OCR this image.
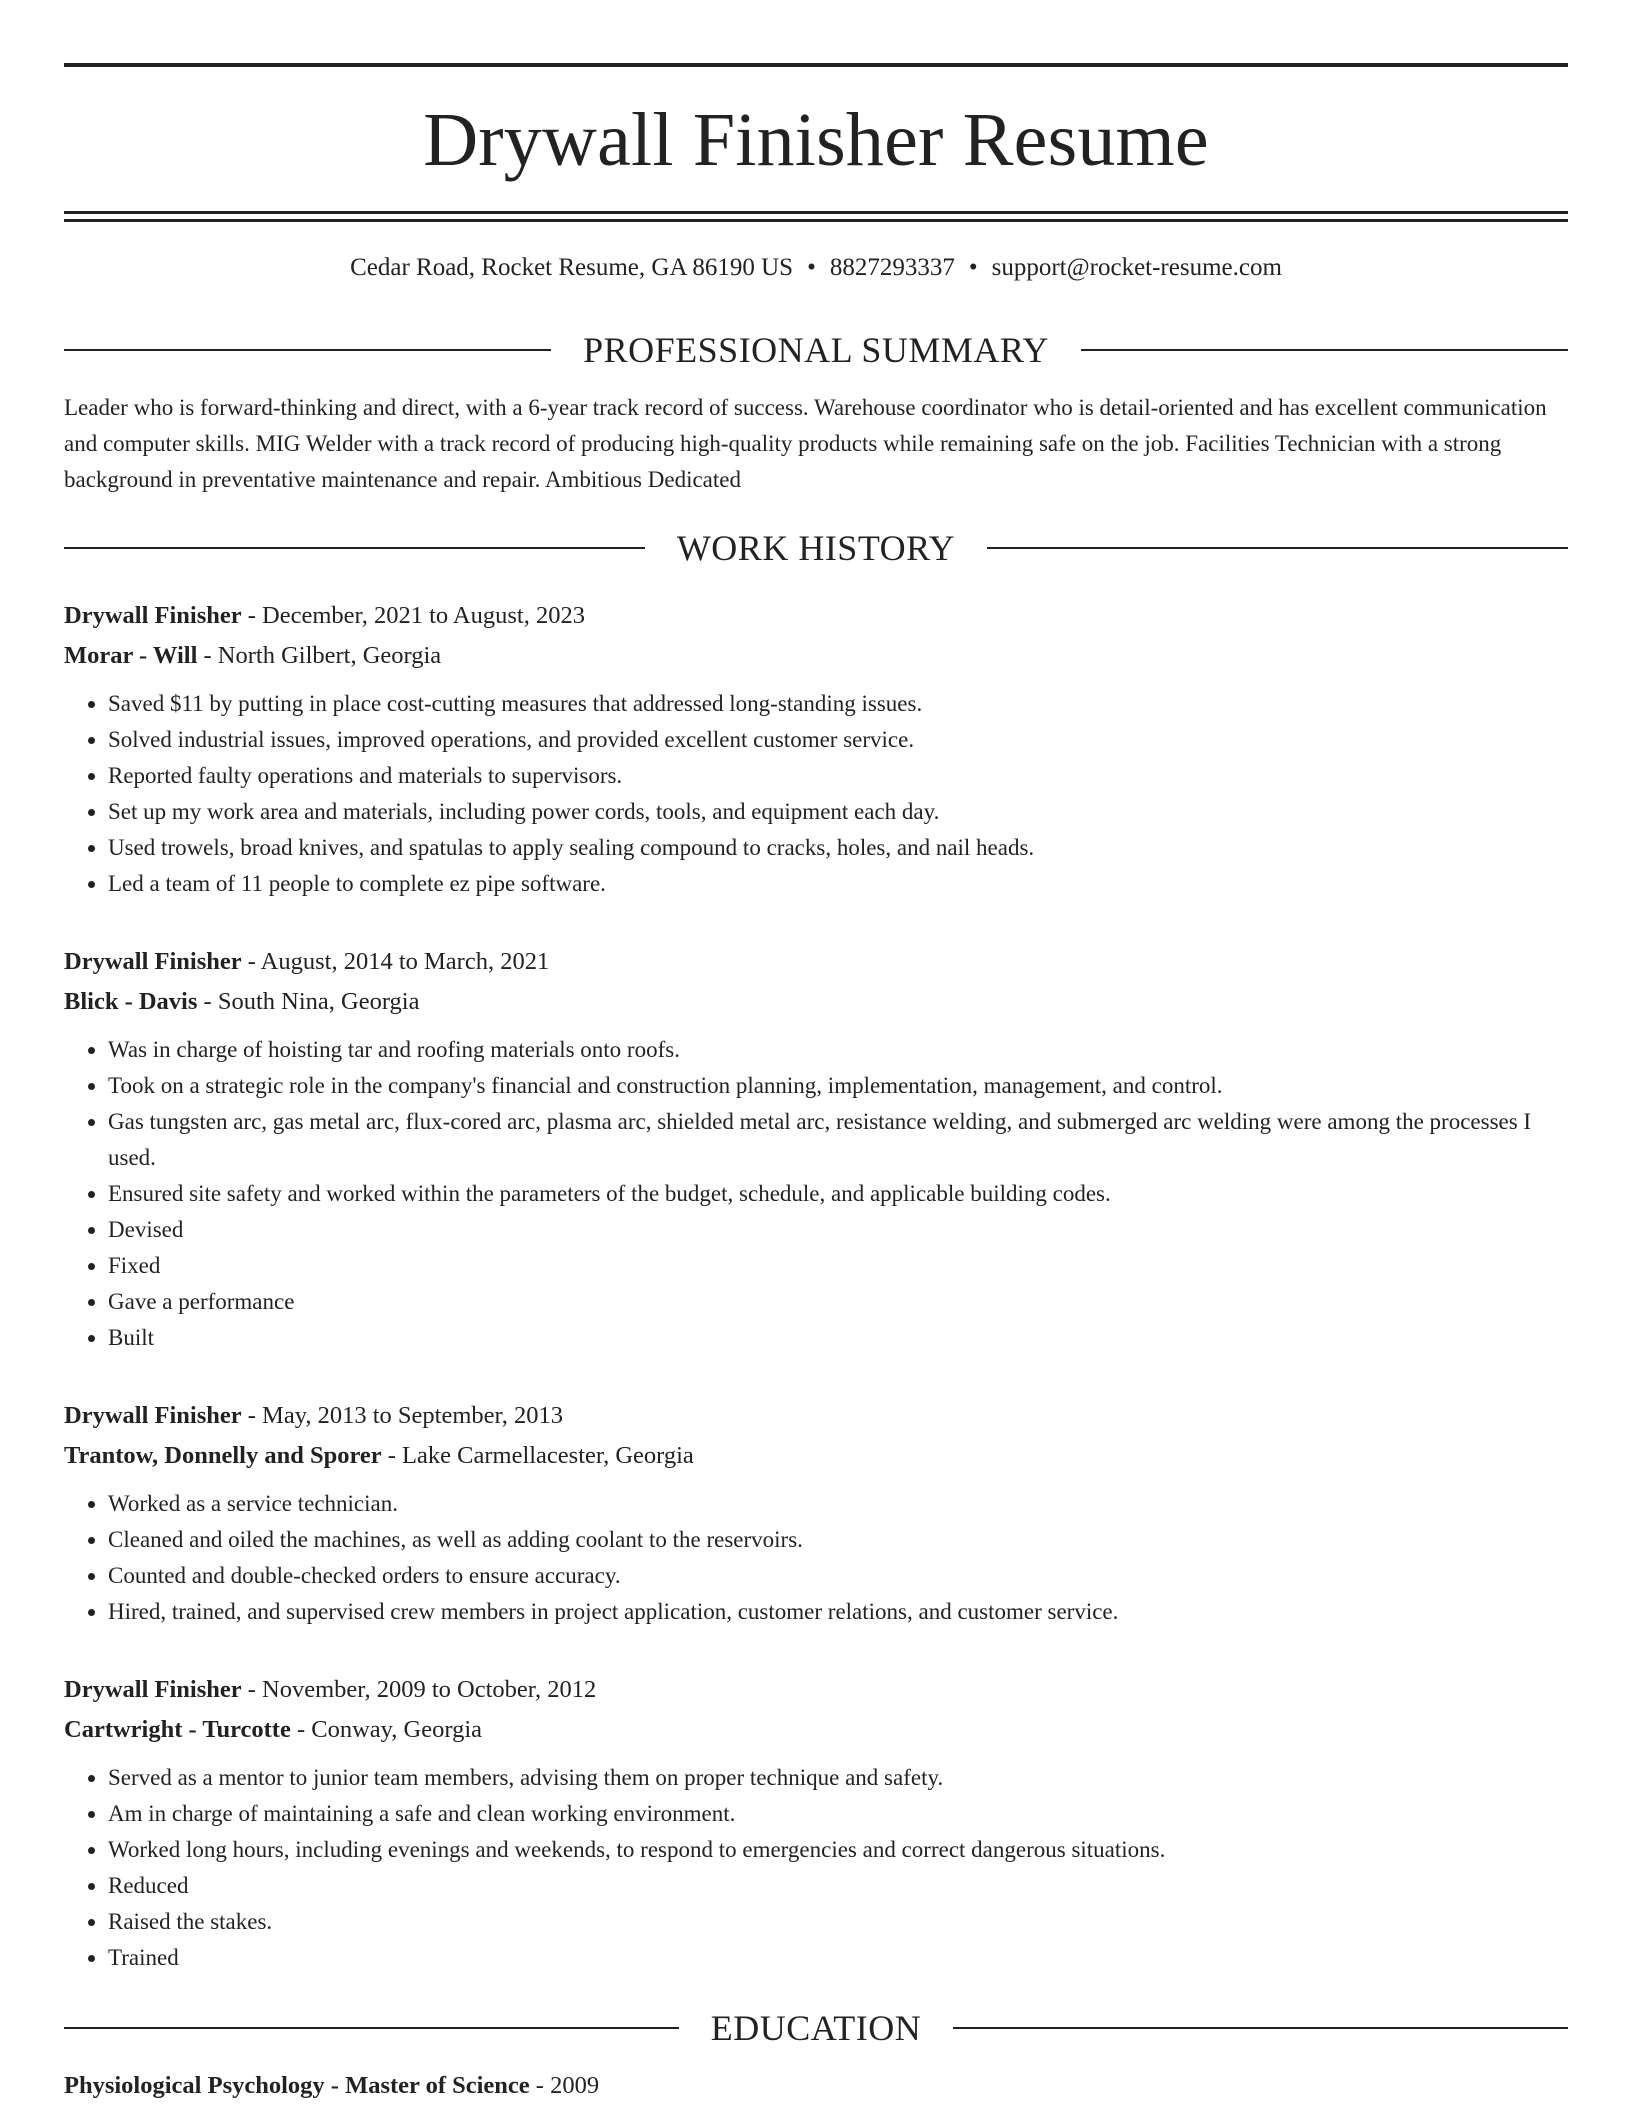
Drywall Finisher Resume
Cedar Road, Rocket Resume, GA 86190 US • 8827293337 • support@rocket-resume.com
PROFESSIONAL SUMMARY
Leader who is forward-thinking and direct, with a 6-year track record of success. Warehouse coordinator who is detail-oriented and has excellent communication and computer skills. MIG Welder with a track record of producing high-quality products while remaining safe on the job. Facilities Technician with a strong background in preventative maintenance and repair. Ambitious Dedicated
WORK HISTORY
Drywall Finisher - December, 2021 to August, 2023
Morar - Will - North Gilbert, Georgia
• Saved $11 by putting in place cost-cutting measures that addressed long-standing issues.
• Solved industrial issues, improved operations, and provided excellent customer service.
• Reported faulty operations and materials to supervisors.
• Set up my work area and materials, including power cords, tools, and equipment each day.
• Used trowels, broad knives, and spatulas to apply sealing compound to cracks, holes, and nail heads.
• Led a team of 11 people to complete ez pipe software.
Drywall Finisher - August, 2014 to March, 2021
Blick - Davis - South Nina, Georgia
• Was in charge of hoisting tar and roofing materials onto roofs.
• Took on a strategic role in the company's financial and construction planning, implementation, management, and control.
• Gas tungsten arc, gas metal arc, flux-cored arc, plasma arc, shielded metal arc, resistance welding, and submerged arc welding were among the processes I used.
• Ensured site safety and worked within the parameters of the budget, schedule, and applicable building codes.
• Devised
• Fixed
• Gave a performance
• Built
Drywall Finisher - May, 2013 to September, 2013
Trantow, Donnelly and Sporer - Lake Carmellacester, Georgia
• Worked as a service technician.
• Cleaned and oiled the machines, as well as adding coolant to the reservoirs.
• Counted and double-checked orders to ensure accuracy.
• Hired, trained, and supervised crew members in project application, customer relations, and customer service.
Drywall Finisher - November, 2009 to October, 2012
Cartwright - Turcotte - Conway, Georgia
• Served as a mentor to junior team members, advising them on proper technique and safety.
• Am in charge of maintaining a safe and clean working environment.
• Worked long hours, including evenings and weekends, to respond to emergencies and correct dangerous situations.
• Reduced
• Raised the stakes.
• Trained
EDUCATION
Physiological Psychology - Master of Science - 2009
